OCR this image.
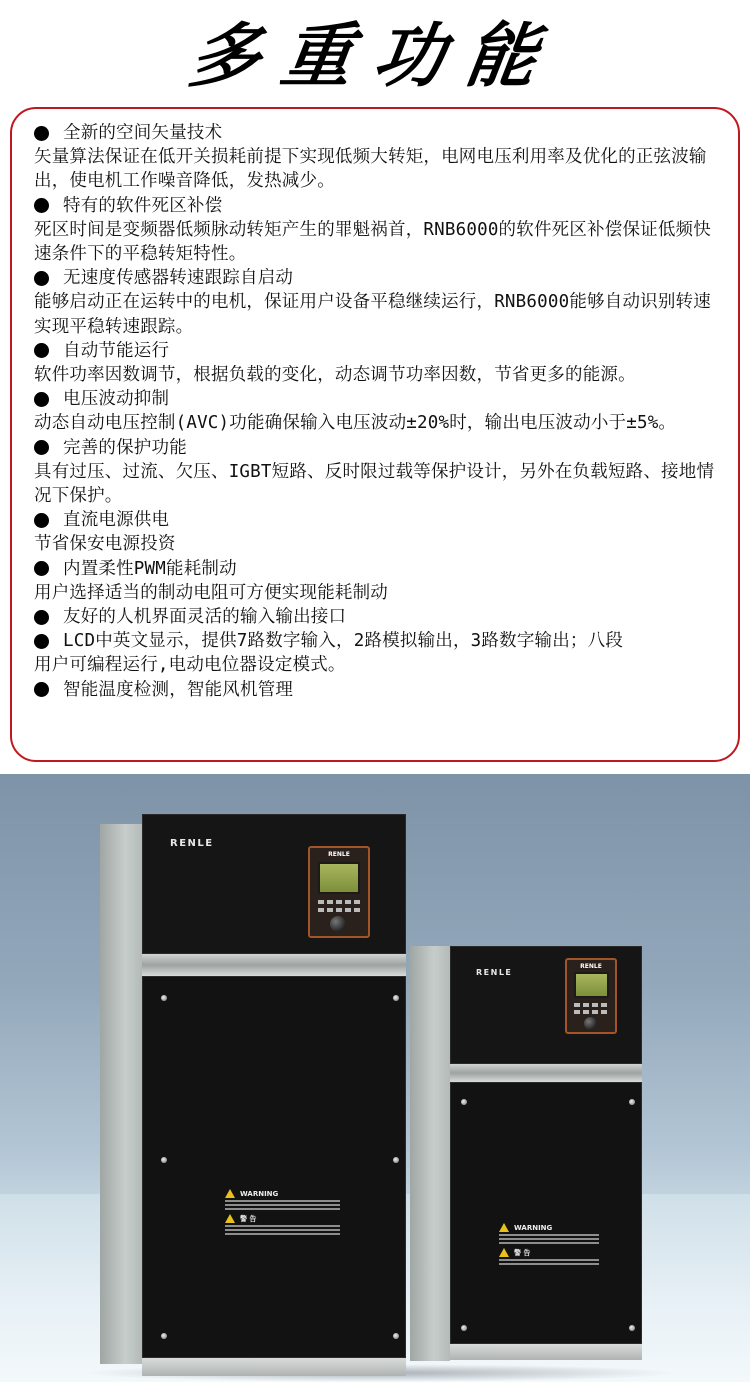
多重功能
全新的空间矢量技术
矢量算法保证在低开关损耗前提下实现低频大转矩，电网电压利用率及优化的正弦波输出，使电机工作噪音降低，发热减少。
特有的软件死区补偿
死区时间是变频器低频脉动转矩产生的罪魁祸首，RNB6000的软件死区补偿保证低频快速条件下的平稳转矩特性。
无速度传感器转速跟踪自启动
能够启动正在运转中的电机，保证用户设备平稳继续运行，RNB6000能够自动识别转速实现平稳转速跟踪。
自动节能运行
软件功率因数调节，根据负载的变化，动态调节功率因数，节省更多的能源。
电压波动抑制
动态自动电压控制(AVC)功能确保输入电压波动±20%时，输出电压波动小于±5%。
完善的保护功能
具有过压、过流、欠压、IGBT短路、反时限过载等保护设计，另外在负载短路、接地情况下保护。
直流电源供电
节省保安电源投资
内置柔性PWM能耗制动
用户选择适当的制动电阻可方便实现能耗制动
友好的人机界面灵活的输入输出接口
LCD中英文显示，提供7路数字输入，2路模拟输出，3路数字输出；八段
用户可编程运行,电动电位器设定模式。
智能温度检测，智能风机管理
RENLE
RENLE
WARNING
警 告
RENLE
RENLE
WARNING
警 告
